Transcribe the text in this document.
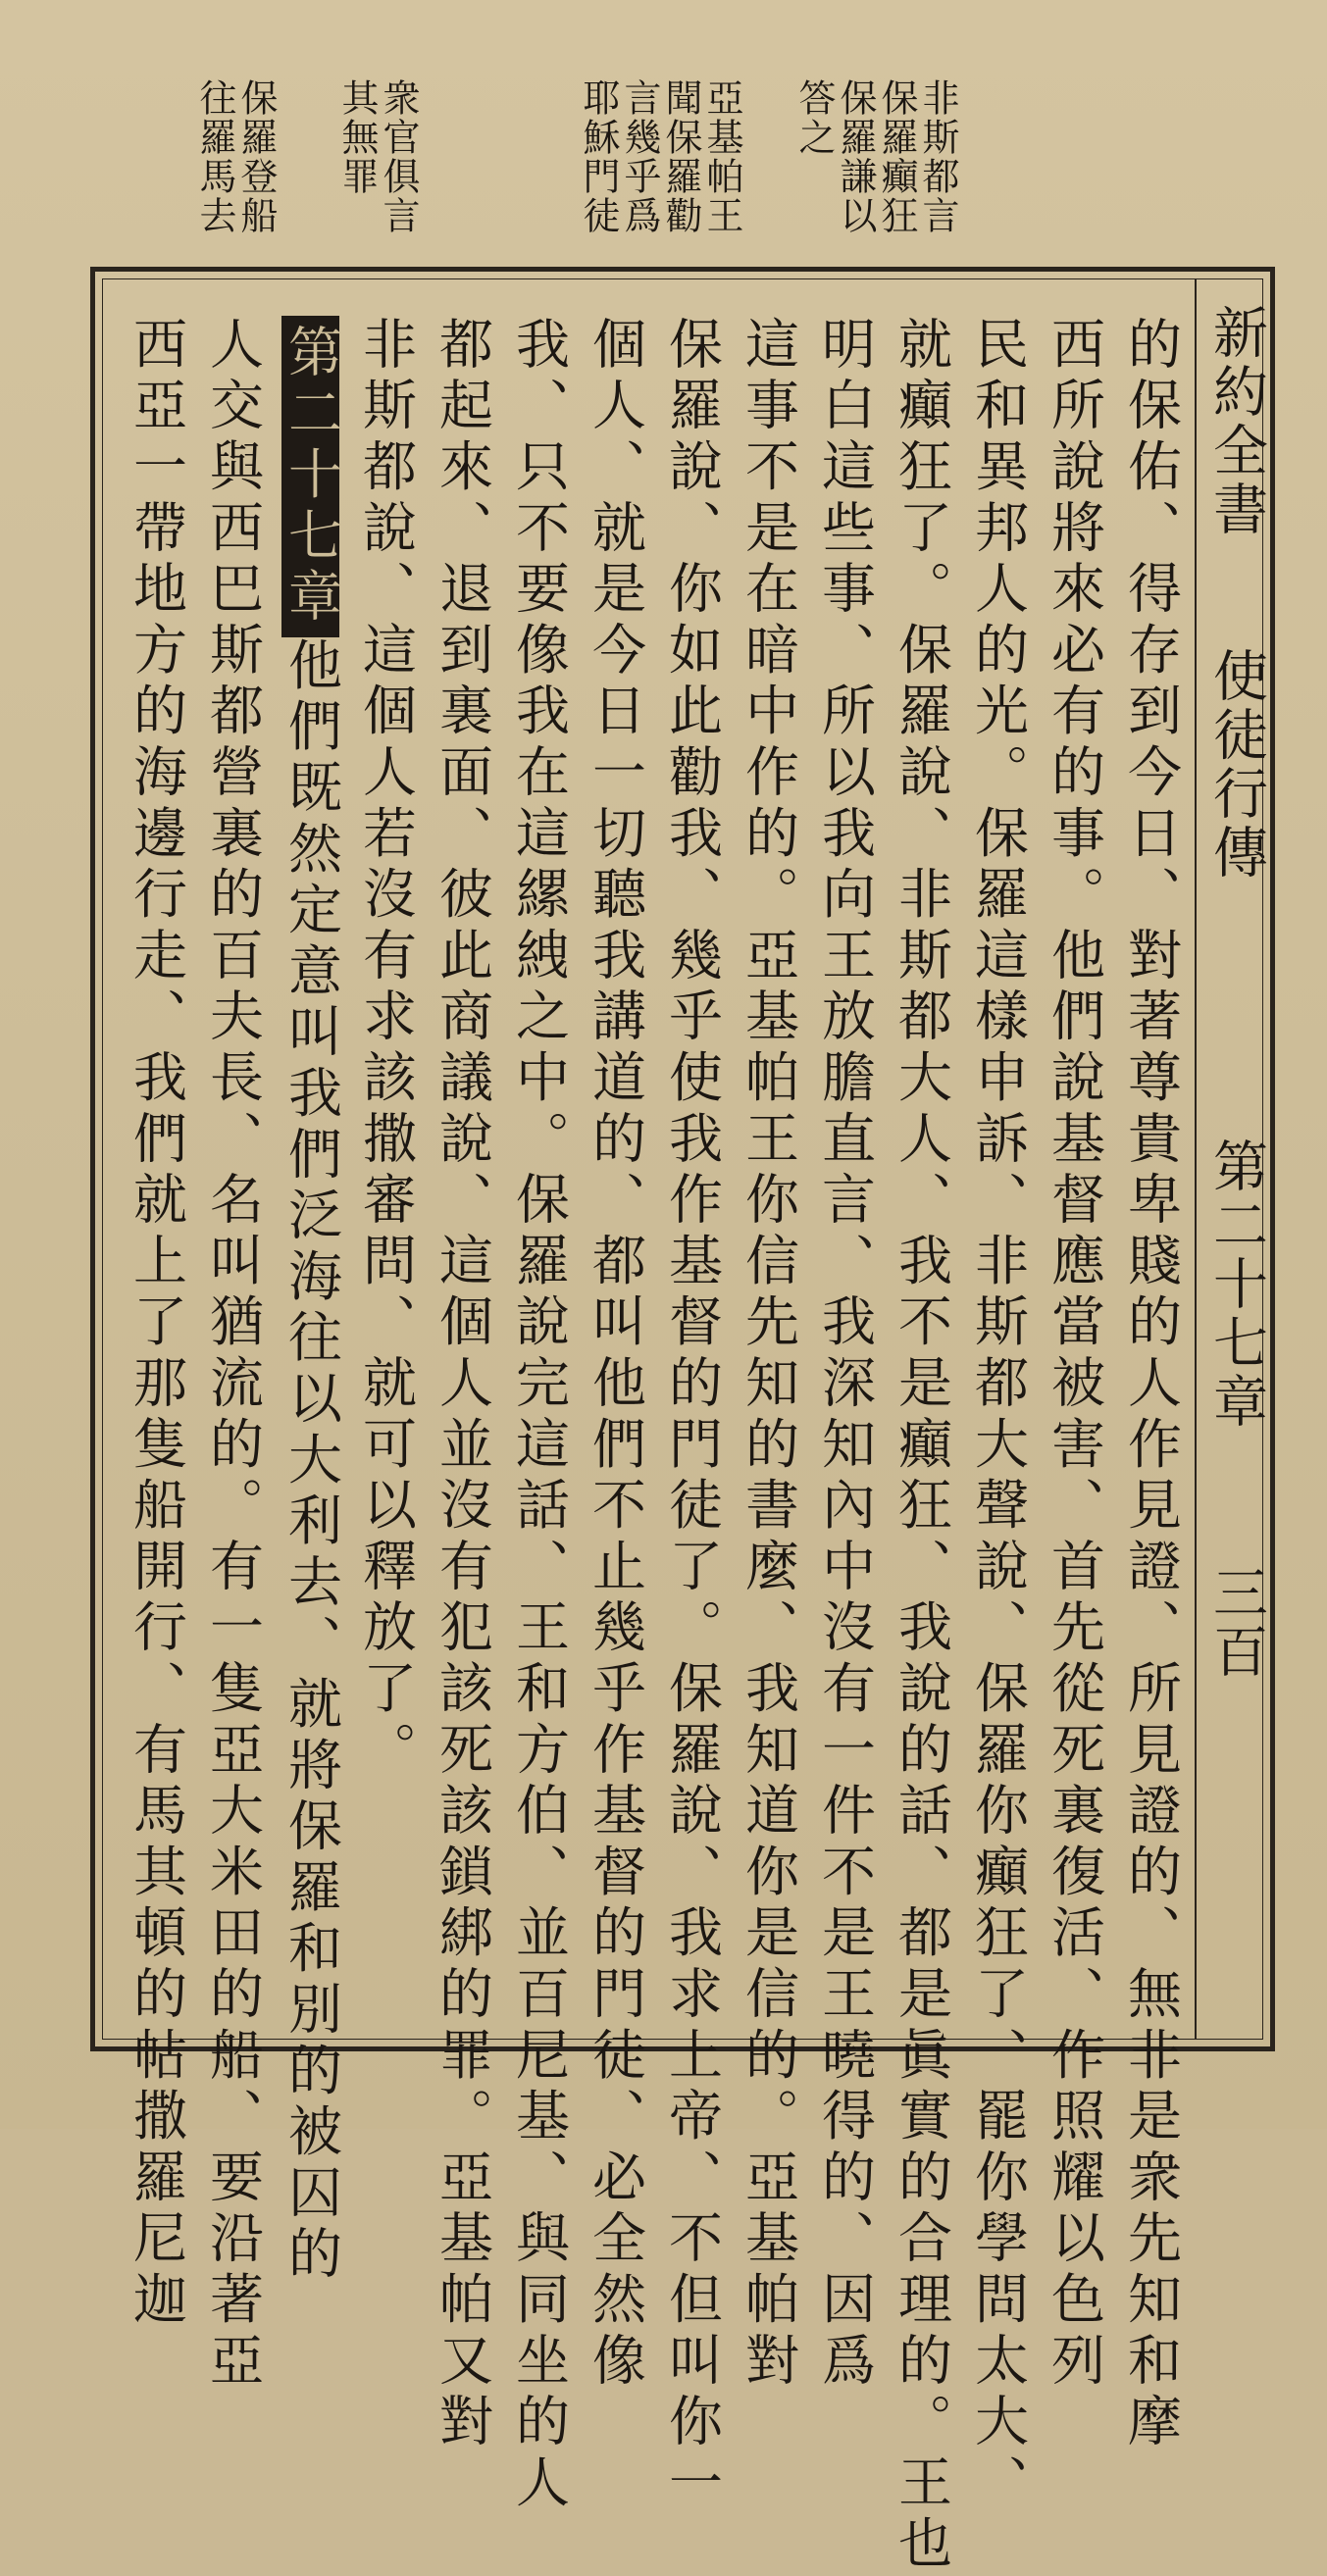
非斯都言
保羅癲狂
保羅謙以
答之
亞基帕王
聞保羅勸
言幾乎爲
耶穌門徒
衆官俱言
其無罪
保羅登船
往羅馬去
新約全書
使徒行傳
第二十七章
三百
的保佑、得存到今日、對著尊貴卑賤的人作見證、所見證的、無非是衆先知和摩
西所說將來必有的事。他們說基督應當被害、首先從死裏復活、作照耀以色列
民和異邦人的光。保羅這樣申訴、非斯都大聲說、保羅你癲狂了、罷你學問太大、
就癲狂了。保羅說、非斯都大人、我不是癲狂、我說的話、都是眞實的合理的。王也
明白這些事、所以我向王放膽直言、我深知內中沒有一件不是王曉得的、因爲
這事不是在暗中作的。亞基帕王你信先知的書麼、我知道你是信的。亞基帕對
保羅說、你如此勸我、幾乎使我作基督的門徒了。保羅說、我求上帝、不但叫你一
個人、就是今日一切聽我講道的、都叫他們不止幾乎作基督的門徒、必全然像
我、只不要像我在這縲絏之中。保羅說完這話、王和方伯、並百尼基、與同坐的人
都起來、退到裏面、彼此商議說、這個人並沒有犯該死該鎖綁的罪。亞基帕又對
非斯都說、這個人若沒有求該撒審問、就可以釋放了。
第二十七章他們既然定意叫我們泛海往以大利去、就將保羅和別的被囚的
人交與西巴斯都營裏的百夫長、名叫猶流的。有一隻亞大米田的船、要沿著亞
西亞一帶地方的海邊行走、我們就上了那隻船開行、有馬其頓的帖撒羅尼迦
